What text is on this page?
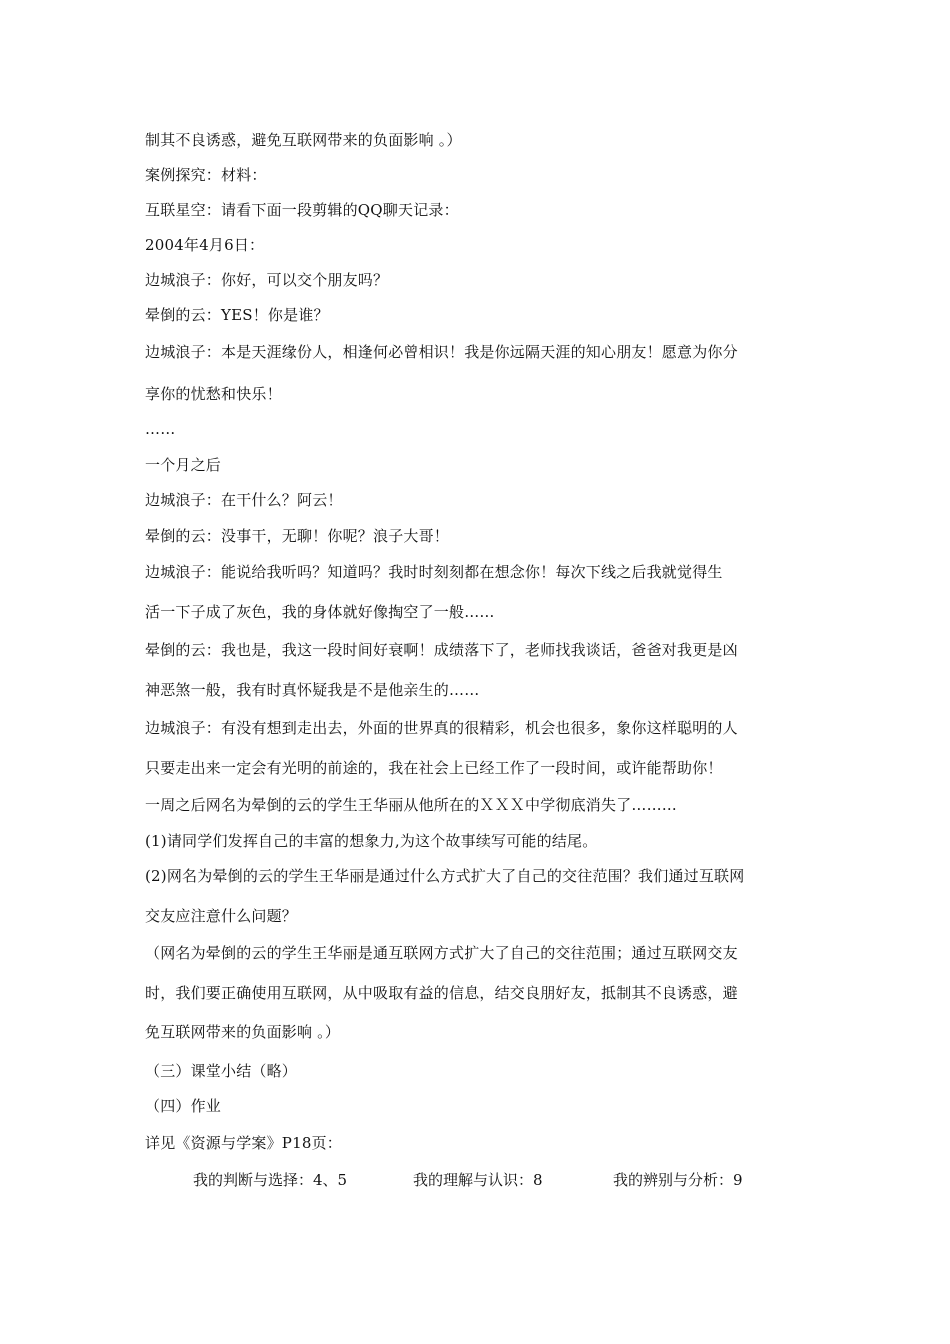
制其不良诱惑，避免互联网带来的负面影响 。）
案例探究：材料：
互联星空：请看下面一段剪辑的QQ聊天记录：
2004年4月6日：
边城浪子：你好，可以交个朋友吗？
晕倒的云：YES！你是谁？
边城浪子：本是天涯缘份人，相逢何必曾相识！我是你远隔天涯的知心朋友！愿意为你分
享你的忧愁和快乐！
……
一个月之后
边城浪子：在干什么？阿云！
晕倒的云：没事干，无聊！你呢？浪子大哥！
边城浪子：能说给我听吗？知道吗？我时时刻刻都在想念你！每次下线之后我就觉得生
活一下子成了灰色，我的身体就好像掏空了一般……
晕倒的云：我也是，我这一段时间好衰啊！成绩落下了，老师找我谈话，爸爸对我更是凶
神恶煞一般，我有时真怀疑我是不是他亲生的……
边城浪子：有没有想到走出去，外面的世界真的很精彩，机会也很多，象你这样聪明的人
只要走出来一定会有光明的前途的，我在社会上已经工作了一段时间，或许能帮助你！
一周之后网名为晕倒的云的学生王华丽从他所在的ＸＸＸ中学彻底消失了………
(1)请同学们发挥自己的丰富的想象力,为这个故事续写可能的结尾。
(2)网名为晕倒的云的学生王华丽是通过什么方式扩大了自己的交往范围？我们通过互联网
交友应注意什么问题？
（网名为晕倒的云的学生王华丽是通互联网方式扩大了自己的交往范围；通过互联网交友
时，我们要正确使用互联网，从中吸取有益的信息，结交良朋好友，抵制其不良诱惑，避
免互联网带来的负面影响 。）
（三）课堂小结（略）
（四）作业
详见《资源与学案》P18页：
我的判断与选择：4、5	我的理解与认识：8	我的辨别与分析：9
